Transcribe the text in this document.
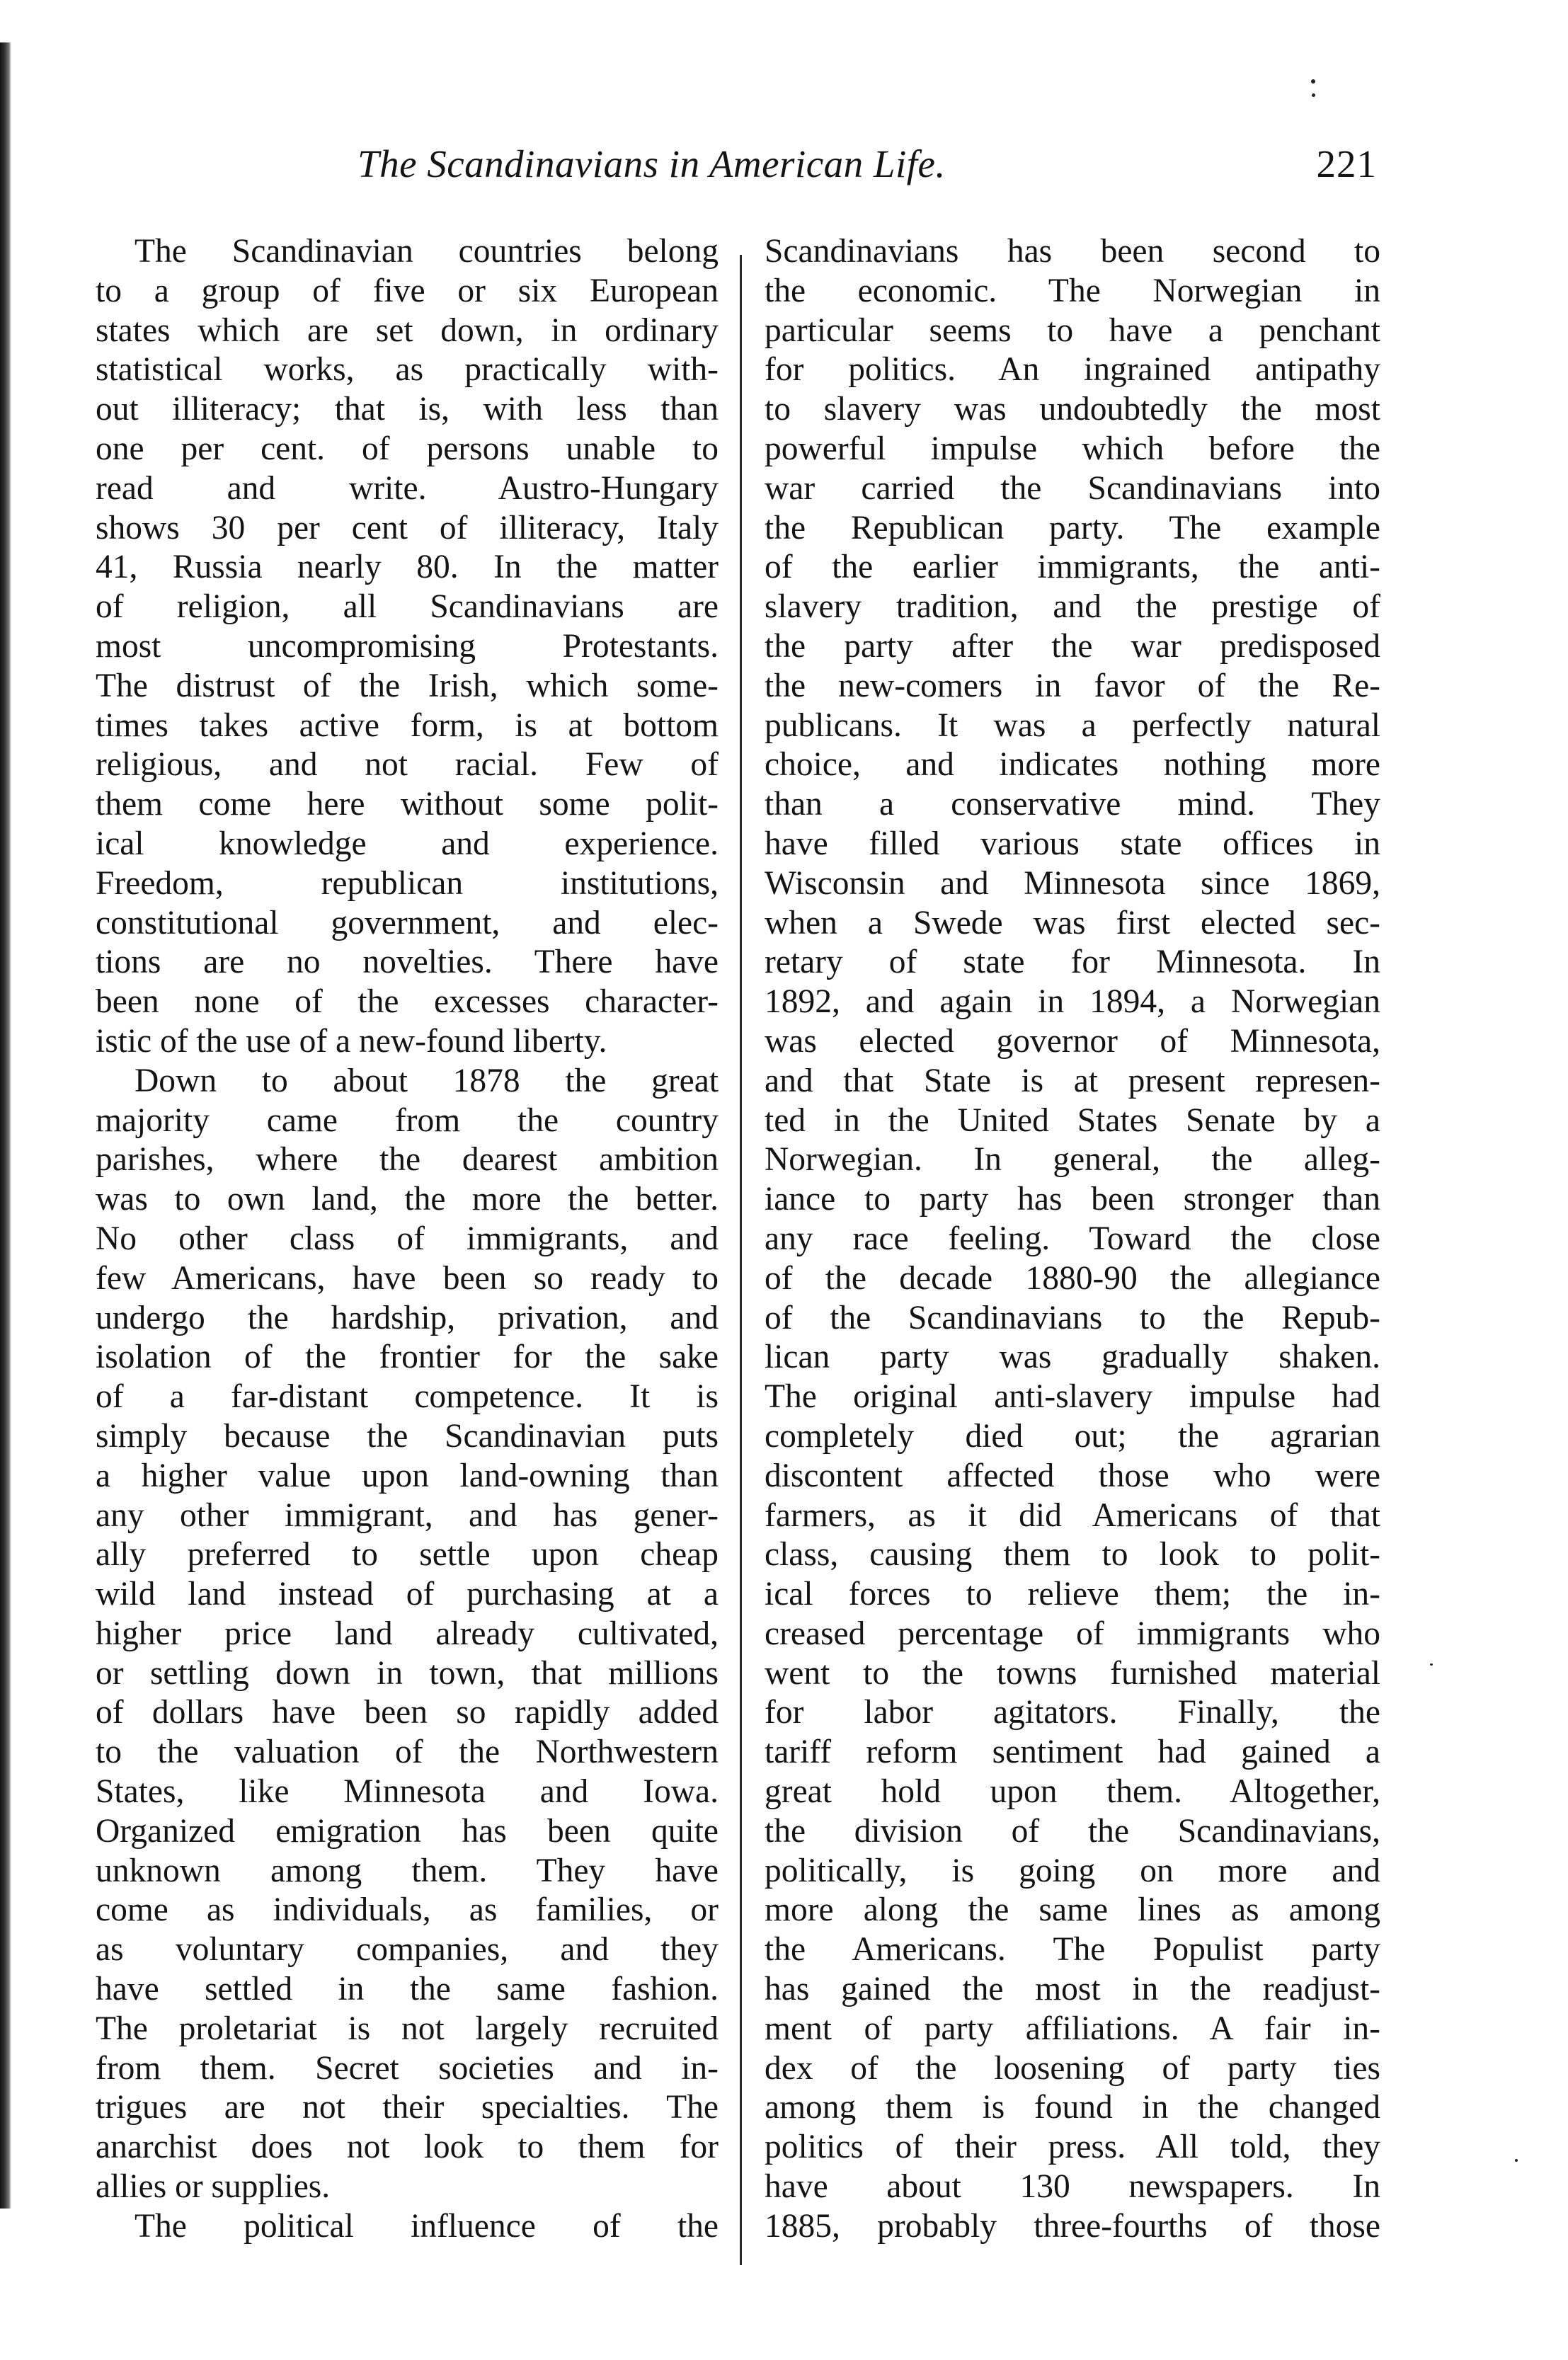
The Scandinavians in American Life.	221
The Scandinavian countries belong
to a group of five or six European
states which are set down, in ordinary
statistical works, as practically with-
out illiteracy; that is, with less than
one per cent. of persons unable to
read and write. Austro-Hungary
shows 30 per cent of illiteracy, Italy
41, Russia nearly 80. In the matter
of religion, all Scandinavians are
most uncompromising Protestants.
The distrust of the Irish, which some-
times takes active form, is at bottom
religious, and not racial. Few of
them come here without some polit-
ical knowledge and experience.
Freedom, republican institutions,
constitutional government, and elec-
tions are no novelties. There have
been none of the excesses character-
istic of the use of a new-found liberty.
Down to about 1878 the great
majority came from the country
parishes, where the dearest ambition
was to own land, the more the better.
No other class of immigrants, and
few Americans, have been so ready to
undergo the hardship, privation, and
isolation of the frontier for the sake
of a far-distant competence. It is
simply because the Scandinavian puts
a higher value upon land-owning than
any other immigrant, and has gener-
ally preferred to settle upon cheap
wild land instead of purchasing at a
higher price land already cultivated,
or settling down in town, that millions
of dollars have been so rapidly added
to the valuation of the Northwestern
States, like Minnesota and Iowa.
Organized emigration has been quite
unknown among them. They have
come as individuals, as families, or
as voluntary companies, and they
have settled in the same fashion.
The proletariat is not largely recruited
from them. Secret societies and in-
trigues are not their specialties. The
anarchist does not look to them for
allies or supplies.
The political influence of the
Scandinavians has been second to
the economic. The Norwegian in
particular seems to have a penchant
for politics. An ingrained antipathy
to slavery was undoubtedly the most
powerful impulse which before the
war carried the Scandinavians into
the Republican party. The example
of the earlier immigrants, the anti-
slavery tradition, and the prestige of
the party after the war predisposed
the new-comers in favor of the Re-
publicans. It was a perfectly natural
choice, and indicates nothing more
than a conservative mind. They
have filled various state offices in
Wisconsin and Minnesota since 1869,
when a Swede was first elected sec-
retary of state for Minnesota. In
1892, and again in 1894, a Norwegian
was elected governor of Minnesota,
and that State is at present represen-
ted in the United States Senate by a
Norwegian. In general, the alleg-
iance to party has been stronger than
any race feeling. Toward the close
of the decade 1880-90 the allegiance
of the Scandinavians to the Repub-
lican party was gradually shaken.
The original anti-slavery impulse had
completely died out; the agrarian
discontent affected those who were
farmers, as it did Americans of that
class, causing them to look to polit-
ical forces to relieve them; the in-
creased percentage of immigrants who
went to the towns furnished material
for labor agitators. Finally, the
tariff reform sentiment had gained a
great hold upon them. Altogether,
the division of the Scandinavians,
politically, is going on more and
more along the same lines as among
the Americans. The Populist party
has gained the most in the readjust-
ment of party affiliations. A fair in-
dex of the loosening of party ties
among them is found in the changed
politics of their press. All told, they
have about 130 newspapers. In
1885, probably three-fourths of those
